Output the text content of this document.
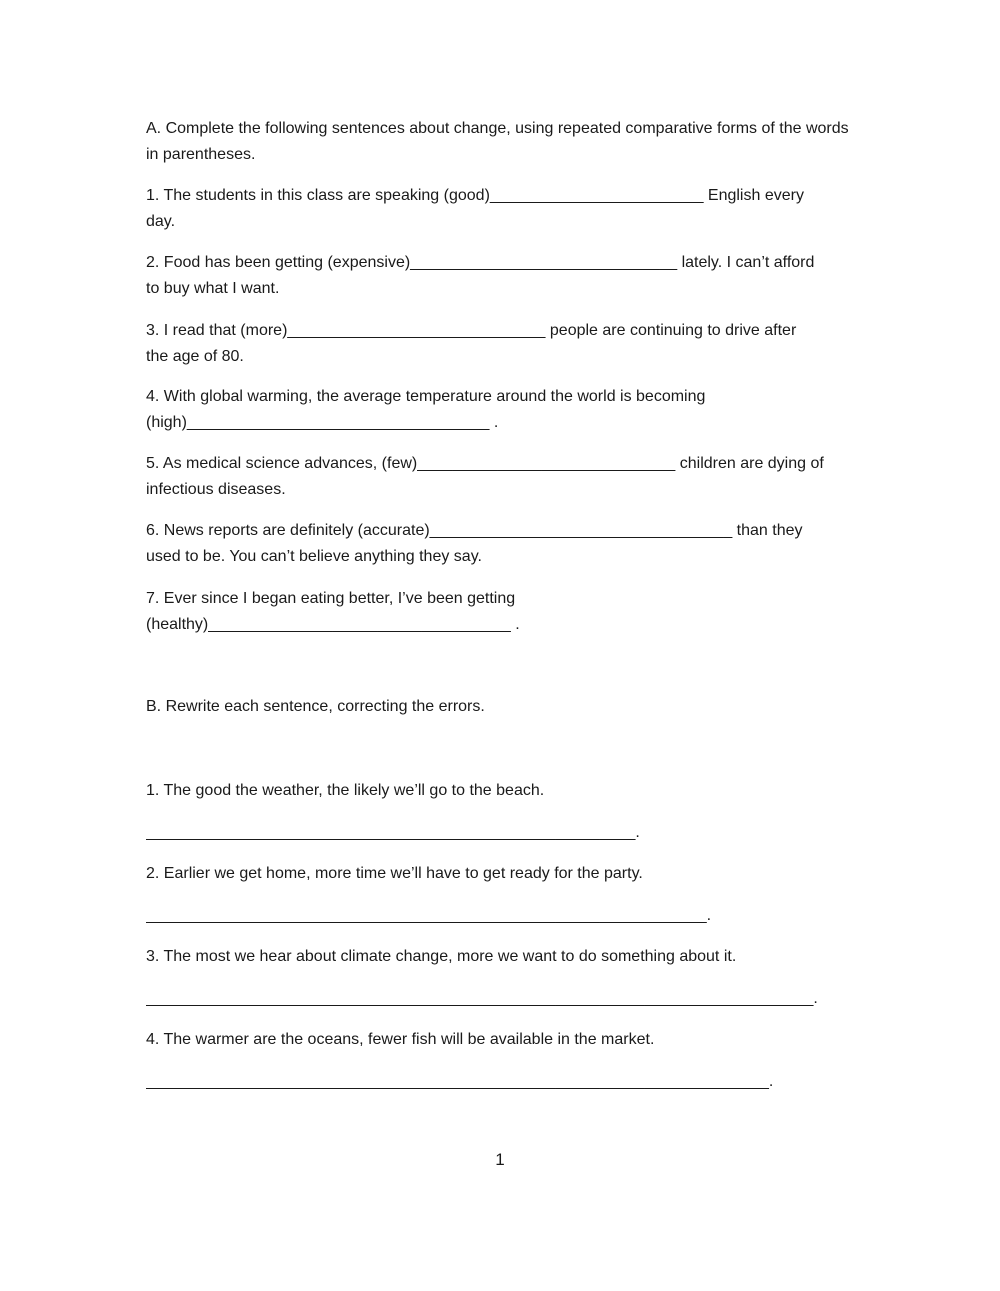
A. Complete the following sentences about change, using repeated comparative forms of the words in parentheses.
1. The students in this class are speaking (good)________________________ English every
day.
2. Food has been getting (expensive)______________________________ lately. I can’t afford
to buy what I want.
3. I read that (more)_____________________________ people are continuing to drive after
the age of 80.
4. With global warming, the average temperature around the world is becoming
(high)__________________________________ .
5. As medical science advances, (few)_____________________________ children are dying of
infectious diseases.
6. News reports are definitely (accurate)__________________________________ than they
used to be. You can’t believe anything they say.
7. Ever since I began eating better, I’ve been getting
(healthy)__________________________________ .
B. Rewrite each sentence, correcting the errors.
1. The good the weather, the likely we’ll go to the beach.
_______________________________________________________.
2. Earlier we get home, more time we’ll have to get ready for the party.
_______________________________________________________________.
3. The most we hear about climate change, more we want to do something about it.
___________________________________________________________________________.
4. The warmer are the oceans, fewer fish will be available in the market.
______________________________________________________________________.
1
